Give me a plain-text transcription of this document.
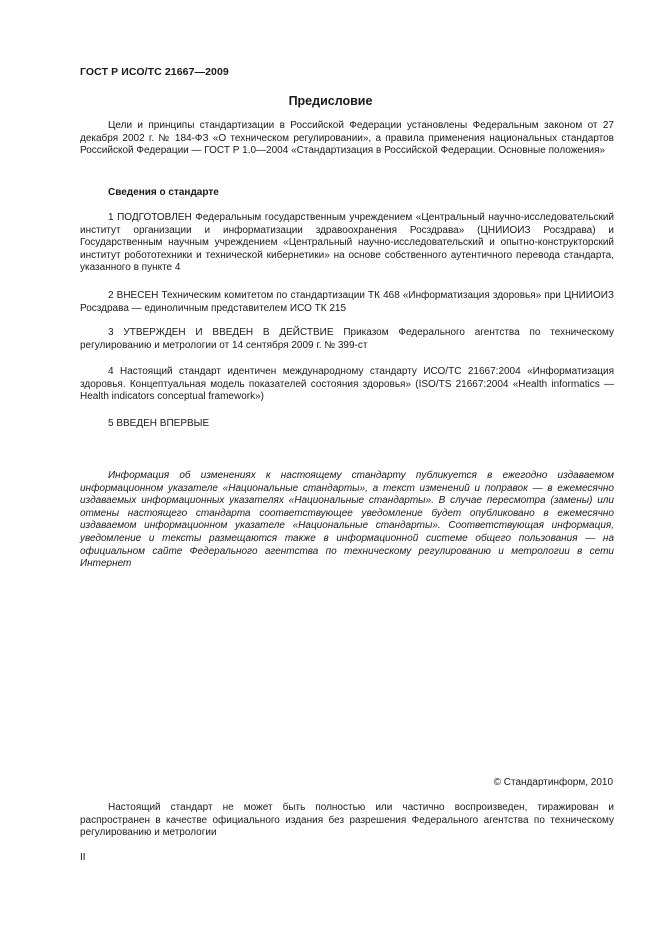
ГОСТ Р ИСО/ТС 21667—2009
Предисловие
Цели и принципы стандартизации в Российской Федерации установлены Федеральным законом от 27 декабря 2002 г. № 184-ФЗ «О техническом регулировании», а правила применения национальных стандартов Российской Федерации — ГОСТ Р 1.0—2004 «Стандартизация в Российской Федерации. Основные положения»
Сведения о стандарте
1 ПОДГОТОВЛЕН Федеральным государственным учреждением «Центральный научно-исследовательский институт организации и информатизации здравоохранения Росздрава» (ЦНИИОИЗ Росздрава) и Государственным научным учреждением «Центральный научно-исследовательский и опытно-конструкторский институт робототехники и технической кибернетики» на основе собственного аутентичного перевода стандарта, указанного в пункте 4
2 ВНЕСЕН Техническим комитетом по стандартизации ТК 468 «Информатизация здоровья» при ЦНИИОИЗ Росздрава — единоличным представителем ИСО ТК 215
3 УТВЕРЖДЕН И ВВЕДЕН В ДЕЙСТВИЕ Приказом Федерального агентства по техническому регулированию и метрологии от 14 сентября 2009 г. № 399-ст
4 Настоящий стандарт идентичен международному стандарту ИСО/ТС 21667:2004 «Информатизация здоровья. Концептуальная модель показателей состояния здоровья» (ISO/TS 21667:2004 «Health informatics — Health indicators conceptual framework»)
5 ВВЕДЕН ВПЕРВЫЕ
Информация об изменениях к настоящему стандарту публикуется в ежегодно издаваемом информационном указателе «Национальные стандарты», а текст изменений и поправок — в ежемесячно издаваемых информационных указателях «Национальные стандарты». В случае пересмотра (замены) или отмены настоящего стандарта соответствующее уведомление будет опубликовано в ежемесячно издаваемом информационном указателе «Национальные стандарты». Соответствующая информация, уведомление и тексты размещаются также в информационной системе общего пользования — на официальном сайте Федерального агентства по техническому регулированию и метрологии в сети Интернет
© Стандартинформ, 2010
Настоящий стандарт не может быть полностью или частично воспроизведен, тиражирован и распространен в качестве официального издания без разрешения Федерального агентства по техническому регулированию и метрологии
II
